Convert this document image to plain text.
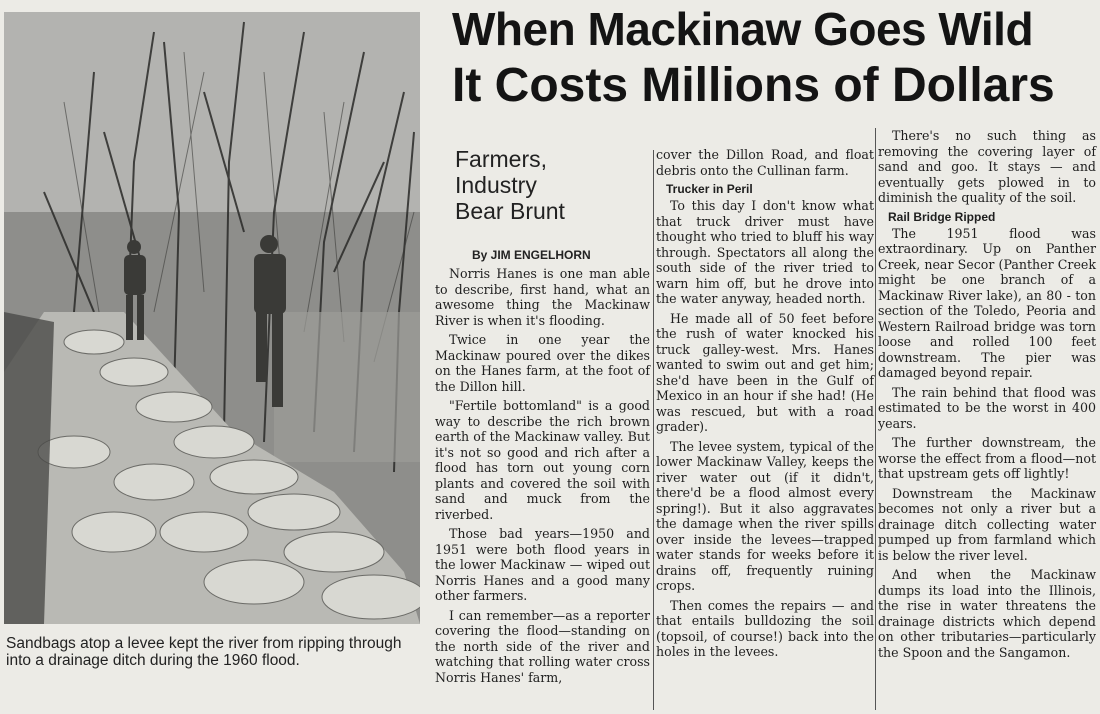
Sandbags atop a levee kept the river from ripping through into a drainage ditch during the 1960 flood.
When Mackinaw Goes Wild
It Costs Millions of Dollars
Farmers,
Industry
Bear Brunt
By JIM ENGELHORN

Norris Hanes is one man able to describe, first hand, what an awesome thing the Mackinaw River is when it's flooding.

Twice in one year the Mackinaw poured over the dikes on the Hanes farm, at the foot of the Dillon hill.

"Fertile bottomland" is a good way to describe the rich brown earth of the Mackinaw valley. But it's not so good and rich after a flood has torn out young corn plants and covered the soil with sand and muck from the riverbed.

Those bad years—1950 and 1951 were both flood years in the lower Mackinaw — wiped out Norris Hanes and a good many other farmers.

I can remember—as a reporter covering the flood—standing on the north side of the river and watching that rolling water cross Norris Hanes' farm,

cover the Dillon Road, and float debris onto the Cullinan farm.

Trucker in Peril

To this day I don't know what that truck driver must have thought who tried to bluff his way through. Spectators all along the south side of the river tried to warn him off, but he drove into the water anyway, headed north.

He made all of 50 feet before the rush of water knocked his truck galley-west. Mrs. Hanes wanted to swim out and get him; she'd have been in the Gulf of Mexico in an hour if she had! (He was rescued, but with a road grader).

The levee system, typical of the lower Mackinaw Valley, keeps the river water out (if it didn't, there'd be a flood almost every spring!). But it also aggravates the damage when the river spills over inside the levees—trapped water stands for weeks before it drains off, frequently ruining crops.

Then comes the repairs — and that entails bulldozing the soil (topsoil, of course!) back into the holes in the levees.

There's no such thing as removing the covering layer of sand and goo. It stays — and eventually gets plowed in to diminish the quality of the soil.

Rail Bridge Ripped

The 1951 flood was extraordinary. Up on Panther Creek, near Secor (Panther Creek might be one branch of a Mackinaw River lake), an 80 - ton section of the Toledo, Peoria and Western Railroad bridge was torn loose and rolled 100 feet downstream. The pier was damaged beyond repair.

The rain behind that flood was estimated to be the worst in 400 years.

The further downstream, the worse the effect from a flood—not that upstream gets off lightly!

Downstream the Mackinaw becomes not only a river but a drainage ditch collecting water pumped up from farmland which is below the river level.

And when the Mackinaw dumps its load into the Illinois, the rise in water threatens the drainage districts which depend on other tributaries—particularly the Spoon and the Sangamon.
